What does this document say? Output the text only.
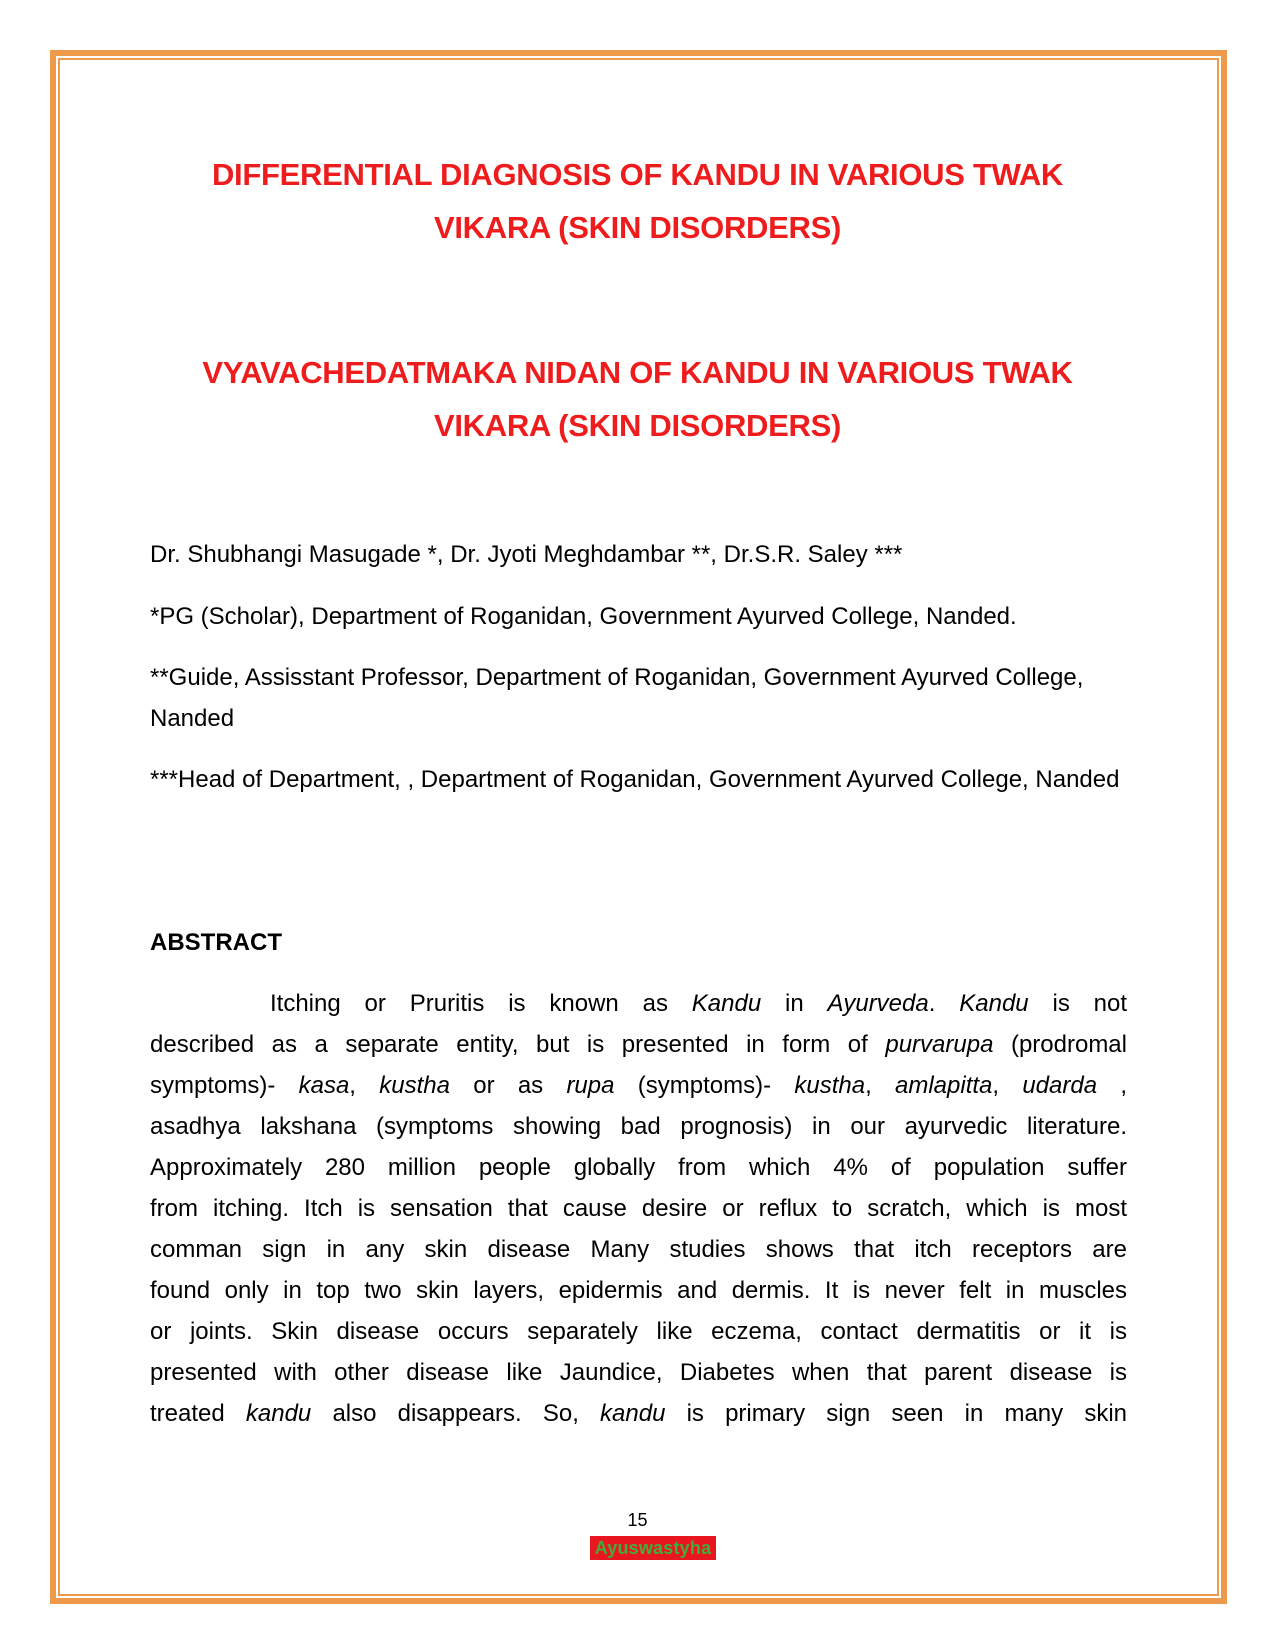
DIFFERENTIAL DIAGNOSIS OF KANDU IN VARIOUS TWAK
VIKARA (SKIN DISORDERS)
VYAVACHEDATMAKA NIDAN OF KANDU IN VARIOUS TWAK
VIKARA (SKIN DISORDERS)
Dr. Shubhangi Masugade *, Dr. Jyoti Meghdambar **, Dr.S.R. Saley ***
*PG (Scholar), Department of Roganidan, Government Ayurved College, Nanded.
**Guide, Assisstant Professor, Department of Roganidan, Government Ayurved College, Nanded
***Head of Department, , Department of Roganidan, Government Ayurved College, Nanded
ABSTRACT
Itching or Pruritis is known as Kandu in Ayurveda. Kandu is not
described as a separate entity, but is presented in form of purvarupa (prodromal
symptoms)- kasa, kustha or as rupa (symptoms)- kustha, amlapitta, udarda ,
asadhya lakshana (symptoms showing bad prognosis) in our ayurvedic literature.
Approximately 280 million people globally from which 4% of population suffer
from itching. Itch is sensation that cause desire or reflux to scratch, which is most
comman sign in any skin disease Many studies shows that itch receptors are
found only in top two skin layers, epidermis and dermis. It is never felt in muscles
or joints. Skin disease occurs separately like eczema, contact dermatitis or it is
presented with other disease like Jaundice, Diabetes when that parent disease is
treated kandu also disappears. So, kandu is primary sign seen in many skin
15
Ayuswastyha
